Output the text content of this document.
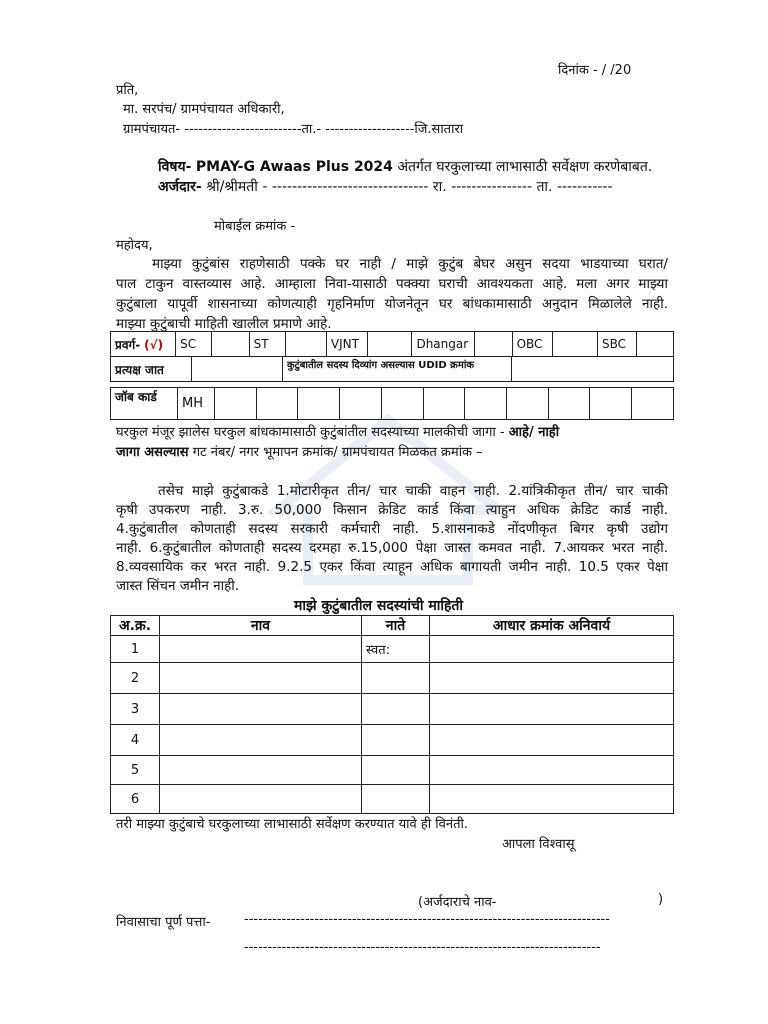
दिनांक - / /20
प्रति,
मा. सरपंच/ ग्रामपंचायत अधिकारी,
ग्रामपंचायत- -------------------------ता.- -------------------जि.सातारा
विषय- PMAY-G Awaas Plus 2024 अंतर्गत घरकुलाच्या लाभासाठी सर्वेक्षण करणेबाबत.
अर्जदार- श्री/श्रीमती - ------------------------------- रा. ---------------- ता. -----------
मोबाईल क्रमांक -
महोदय,
माझ्या कुटुंबांस राहणेसाठी पक्के घर नाही / माझे कुटुंब बेघर असुन सदया भाडयाच्या घरात/
पाल टाकुन वास्तव्यास आहे. आम्हाला निवा-यासाठी पक्क्या घराची आवश्यकता आहे. मला अगर माझ्या
कुटुंबाला यापूर्वी शासनाच्या कोणत्याही गृहनिर्माण योजनेतून घर बांधकामासाठी अनुदान मिळालेले नाही.
माझ्या कुटुंबाची माहिती खालील प्रमाणे आहे.
प्रवर्ग- (√)	SC		ST		VJNT		Dhangar		OBC		SBC	
प्रत्यक्ष जात		कुटुंबातील सदस्य दिव्यांग असल्यास UDID क्रमांक	
जॉब कार्ड	MH											
घरकुल मंजूर झालेस घरकुल बांधकामासाठी कुटुंबांतील सदस्याच्या मालकीची जागा - आहे/ नाही
जागा असल्यास गट नंबर/ नगर भूमापन क्रमांक/ ग्रामपंचायत मिळकत क्रमांक –
तसेच माझे कुटुंबाकडे 1.मोटारीकृत तीन/ चार चाकी वाहन नाही. 2.यांत्रिकीकृत तीन/ चार चाकी
कृषी उपकरण नाही. 3.रु. 50,000 किसान क्रेडिट कार्ड किंवा त्याहुन अधिक क्रेडिट कार्ड नाही.
4.कुटुंबातील कोणताही सदस्य सरकारी कर्मचारी नाही. 5.शासनाकडे नोंदणीकृत बिगर कृषी उद्योग
नाही. 6.कुटुंबातील कोणताही सदस्य दरमहा रु.15,000 पेक्षा जास्त कमवत नाही. 7.आयकर भरत नाही.
8.व्यवसायिक कर भरत नाही. 9.2.5 एकर किंवा त्याहून अधिक बागायती जमीन नाही. 10.5 एकर पेक्षा
जास्त सिंचन जमीन नाही.
माझे कुटुंबातील सदस्यांची माहिती
अ.क्र.	नाव	नाते	आधार क्रमांक अनिवार्य
1		स्वत:	
2			
3			
4			
5			
6			
तरी माझ्या कुटुंबाचे घरकुलाच्या लाभासाठी सर्वेक्षण करण्यात यावे ही विनंती.
आपला विश्वासू
(अर्जदाराचे नाव-	)
निवासाचा पूर्ण पत्ता-	------------------------------------------------------------------------------
----------------------------------------------------------------------------
